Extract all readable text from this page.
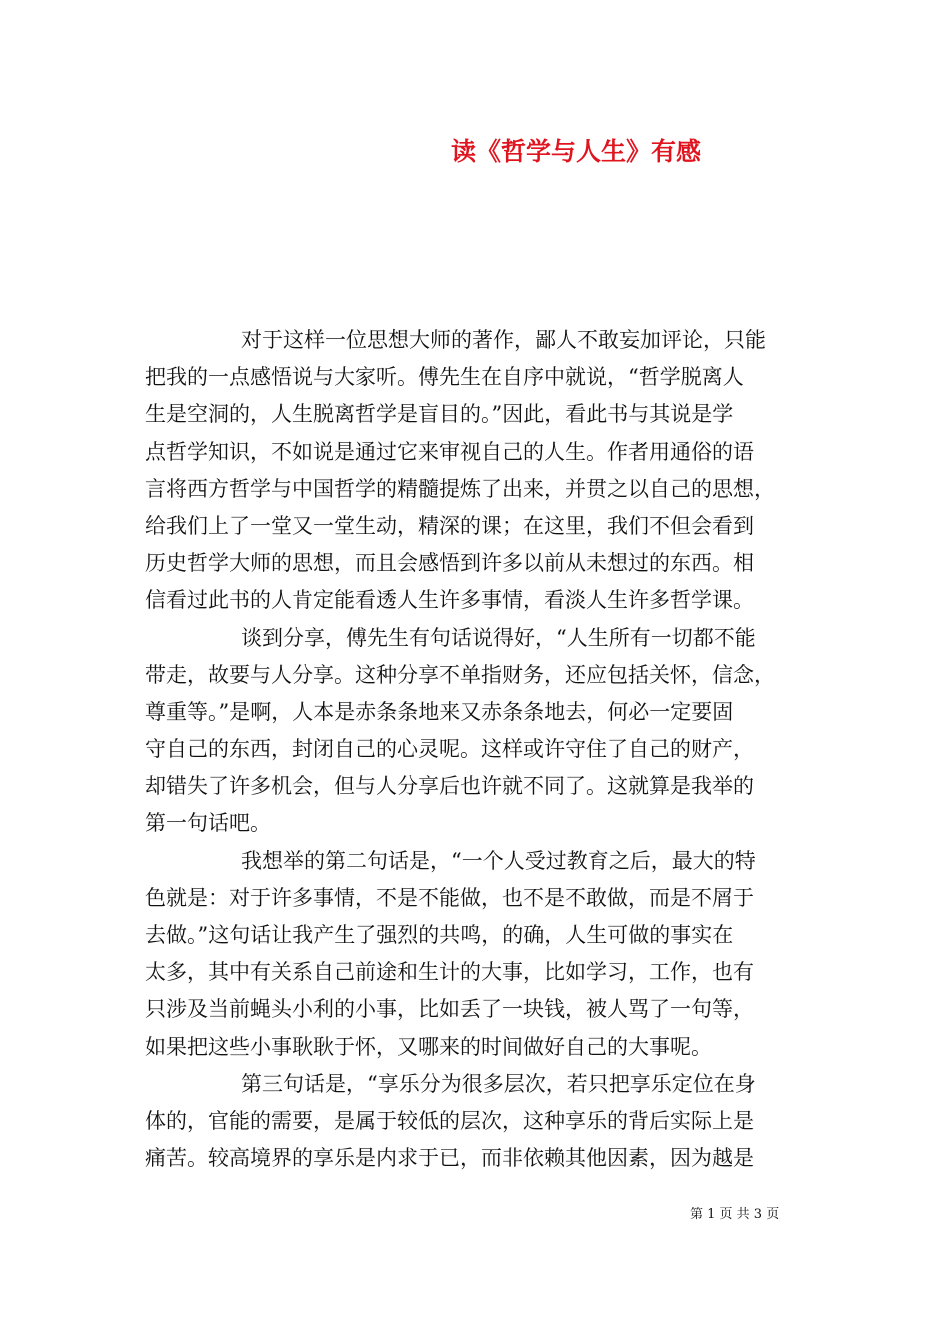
读《哲学与人生》有感
对于这样一位思想大师的著作，鄙人不敢妄加评论，只能
把我的一点感悟说与大家听。傅先生在自序中就说，“哲学脱离人
生是空洞的，人生脱离哲学是盲目的。”因此，看此书与其说是学
点哲学知识，不如说是通过它来审视自己的人生。作者用通俗的语
言将西方哲学与中国哲学的精髓提炼了出来，并贯之以自己的思想，
给我们上了一堂又一堂生动，精深的课；在这里，我们不但会看到
历史哲学大师的思想，而且会感悟到许多以前从未想过的东西。相
信看过此书的人肯定能看透人生许多事情，看淡人生许多哲学课。
谈到分享，傅先生有句话说得好，“人生所有一切都不能
带走，故要与人分享。这种分享不单指财务，还应包括关怀，信念，
尊重等。”是啊，人本是赤条条地来又赤条条地去，何必一定要固
守自己的东西，封闭自己的心灵呢。这样或许守住了自己的财产，
却错失了许多机会，但与人分享后也许就不同了。这就算是我举的
第一句话吧。
我想举的第二句话是，“一个人受过教育之后，最大的特
色就是：对于许多事情，不是不能做，也不是不敢做，而是不屑于
去做。”这句话让我产生了强烈的共鸣，的确，人生可做的事实在
太多，其中有关系自己前途和生计的大事，比如学习，工作，也有
只涉及当前蝇头小利的小事，比如丢了一块钱，被人骂了一句等，
如果把这些小事耿耿于怀，又哪来的时间做好自己的大事呢。
第三句话是，“享乐分为很多层次，若只把享乐定位在身
体的，官能的需要，是属于较低的层次，这种享乐的背后实际上是
痛苦。较高境界的享乐是内求于已，而非依赖其他因素，因为越是
第 1 页 共 3 页
